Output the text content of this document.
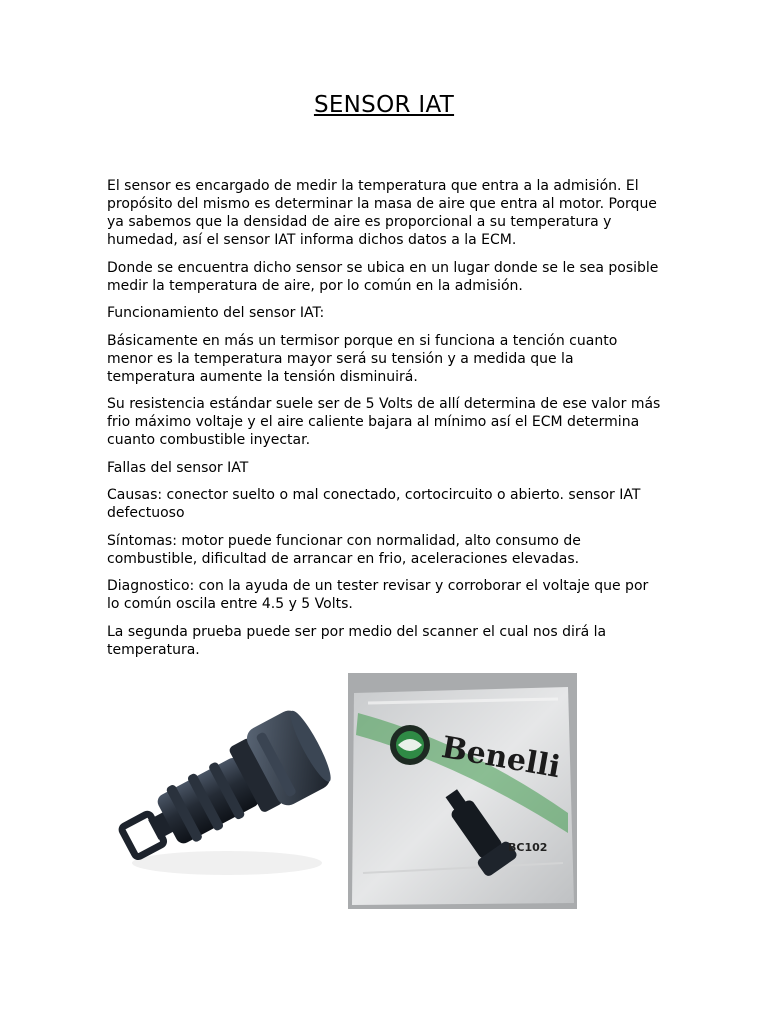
SENSOR IAT

El sensor es encargado de medir la temperatura que entra a la admisión. El propósito del mismo es determinar la masa de aire que entra al motor. Porque ya sabemos que la densidad de aire es proporcional a su temperatura y humedad, así el sensor IAT informa dichos datos a la ECM.

Donde se encuentra dicho sensor se ubica en un lugar donde se le sea posible medir la temperatura de aire, por lo común en la admisión.

Funcionamiento del sensor IAT:

Básicamente en más un termisor porque en si funciona a tención cuanto menor es la temperatura mayor será su tensión y a medida que la temperatura aumente la tensión disminuirá.

Su resistencia estándar suele ser de 5 Volts de allí determina de ese valor más frio máximo voltaje y el aire caliente bajara al mínimo así el ECM determina cuanto combustible inyectar.

Fallas del sensor IAT

Causas: conector suelto o mal conectado, cortocircuito o abierto. sensor IAT defectuoso

Síntomas: motor puede funcionar con normalidad, alto consumo de combustible, dificultad de arrancar en frio, aceleraciones elevadas.

Diagnostico: con la ayuda de un tester revisar y corroborar el voltaje que por lo común oscila entre 4.5 y 5 Volts.

La segunda prueba puede ser por medio del scanner el cual nos dirá la temperatura.

Benelli
BC102
